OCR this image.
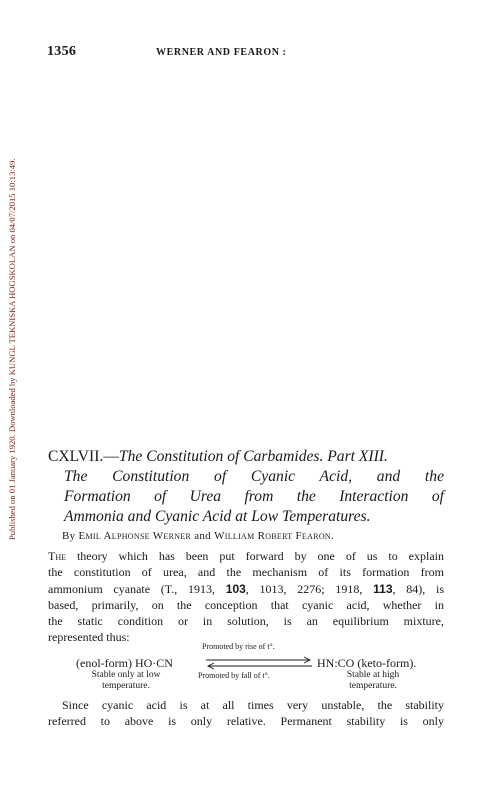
Published on 01 January 1920. Downloaded by KUNGL TEKNISKA HOGSKOLAN on 04/07/2015 10:13:49.
1356	WERNER AND FEARON :
CXLVII.—The Constitution of Carbamides. Part XIII.
The Constitution of Cyanic Acid, and the
Formation of Urea from the Interaction of
Ammonia and Cyanic Acid at Low Temperatures.
By Emil Alphonse Werner and William Robert Fearon.
The theory which has been put forward by one of us to explain
the constitution of urea, and the mechanism of its formation from
ammonium cyanate (T., 1913, 103, 1013, 2276; 1918, 113, 84), is
based, primarily, on the conception that cyanic acid, whether in
the static condition or in solution, is an equilibrium mixture,
represented thus:
Promoted by rise of t°.
(enol-form) HO·CN	HN:CO (keto-form).
Promoted by fall of t°.
Stable only at low
temperature.
Stable at high
temperature.
Since cyanic acid is at all times very unstable, the stability
referred to above is only relative. Permanent stability is only
